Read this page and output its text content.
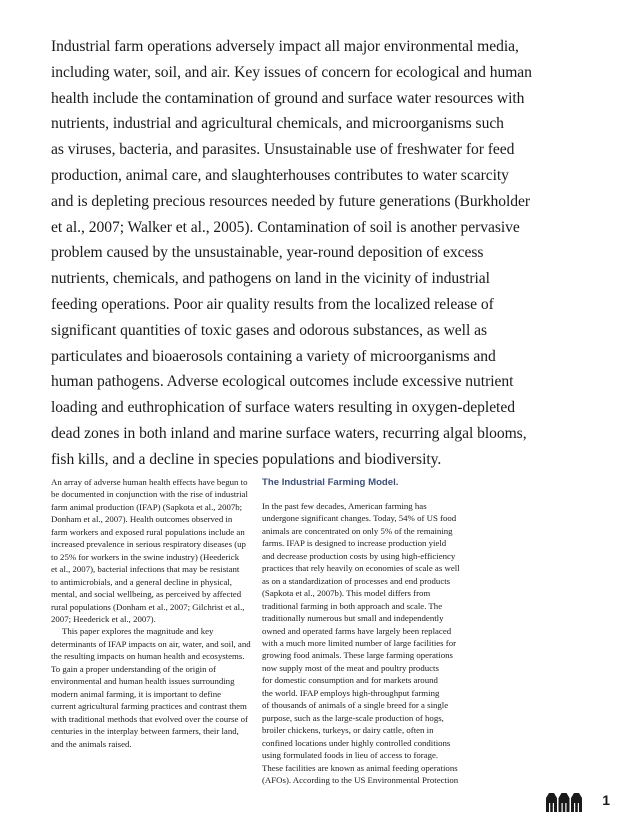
Industrial farm operations adversely impact all major environmental media,
including water, soil, and air. Key issues of concern for ecological and human
health include the contamination of ground and surface water resources with
nutrients, industrial and agricultural chemicals, and microorganisms such
as viruses, bacteria, and parasites. Unsustainable use of freshwater for feed
production, animal care, and slaughterhouses contributes to water scarcity
and is depleting precious resources needed by future generations (Burkholder
et al., 2007; Walker et al., 2005). Contamination of soil is another pervasive
problem caused by the unsustainable, year-round deposition of excess
nutrients, chemicals, and pathogens on land in the vicinity of industrial
feeding operations. Poor air quality results from the localized release of
significant quantities of toxic gases and odorous substances, as well as
particulates and bioaerosols containing a variety of microorganisms and
human pathogens. Adverse ecological outcomes include excessive nutrient
loading and euthrophication of surface waters resulting in oxygen-depleted
dead zones in both inland and marine surface waters, recurring algal blooms,
fish kills, and a decline in species populations and biodiversity.
An array of adverse human health effects have begun to
be documented in conjunction with the rise of industrial
farm animal production (IFAP) (Sapkota et al., 2007b;
Donham et al., 2007). Health outcomes observed in
farm workers and exposed rural populations include an
increased prevalence in serious respiratory diseases (up
to 25% for workers in the swine industry) (Heederick
et al., 2007), bacterial infections that may be resistant
to antimicrobials, and a general decline in physical,
mental, and social wellbeing, as perceived by affected
rural populations (Donham et al., 2007; Gilchrist et al.,
2007; Heederick et al., 2007).
This paper explores the magnitude and key
determinants of IFAP impacts on air, water, and soil, and
the resulting impacts on human health and ecosystems.
To gain a proper understanding of the origin of
environmental and human health issues surrounding
modern animal farming, it is important to define
current agricultural farming practices and contrast them
with traditional methods that evolved over the course of
centuries in the interplay between farmers, their land,
and the animals raised.
The Industrial Farming Model.
In the past few decades, American farming has
undergone significant changes. Today, 54% of US food
animals are concentrated on only 5% of the remaining
farms. IFAP is designed to increase production yield
and decrease production costs by using high-efficiency
practices that rely heavily on economies of scale as well
as on a standardization of processes and end products
(Sapkota et al., 2007b). This model differs from
traditional farming in both approach and scale. The
traditionally numerous but small and independently
owned and operated farms have largely been replaced
with a much more limited number of large facilities for
growing food animals. These large farming operations
now supply most of the meat and poultry products
for domestic consumption and for markets around
the world. IFAP employs high-throughput farming
of thousands of animals of a single breed for a single
purpose, such as the large-scale production of hogs,
broiler chickens, turkeys, or dairy cattle, often in
confined locations under highly controlled conditions
using formulated foods in lieu of access to forage.
These facilities are known as animal feeding operations
(AFOs). According to the US Environmental Protection
1
